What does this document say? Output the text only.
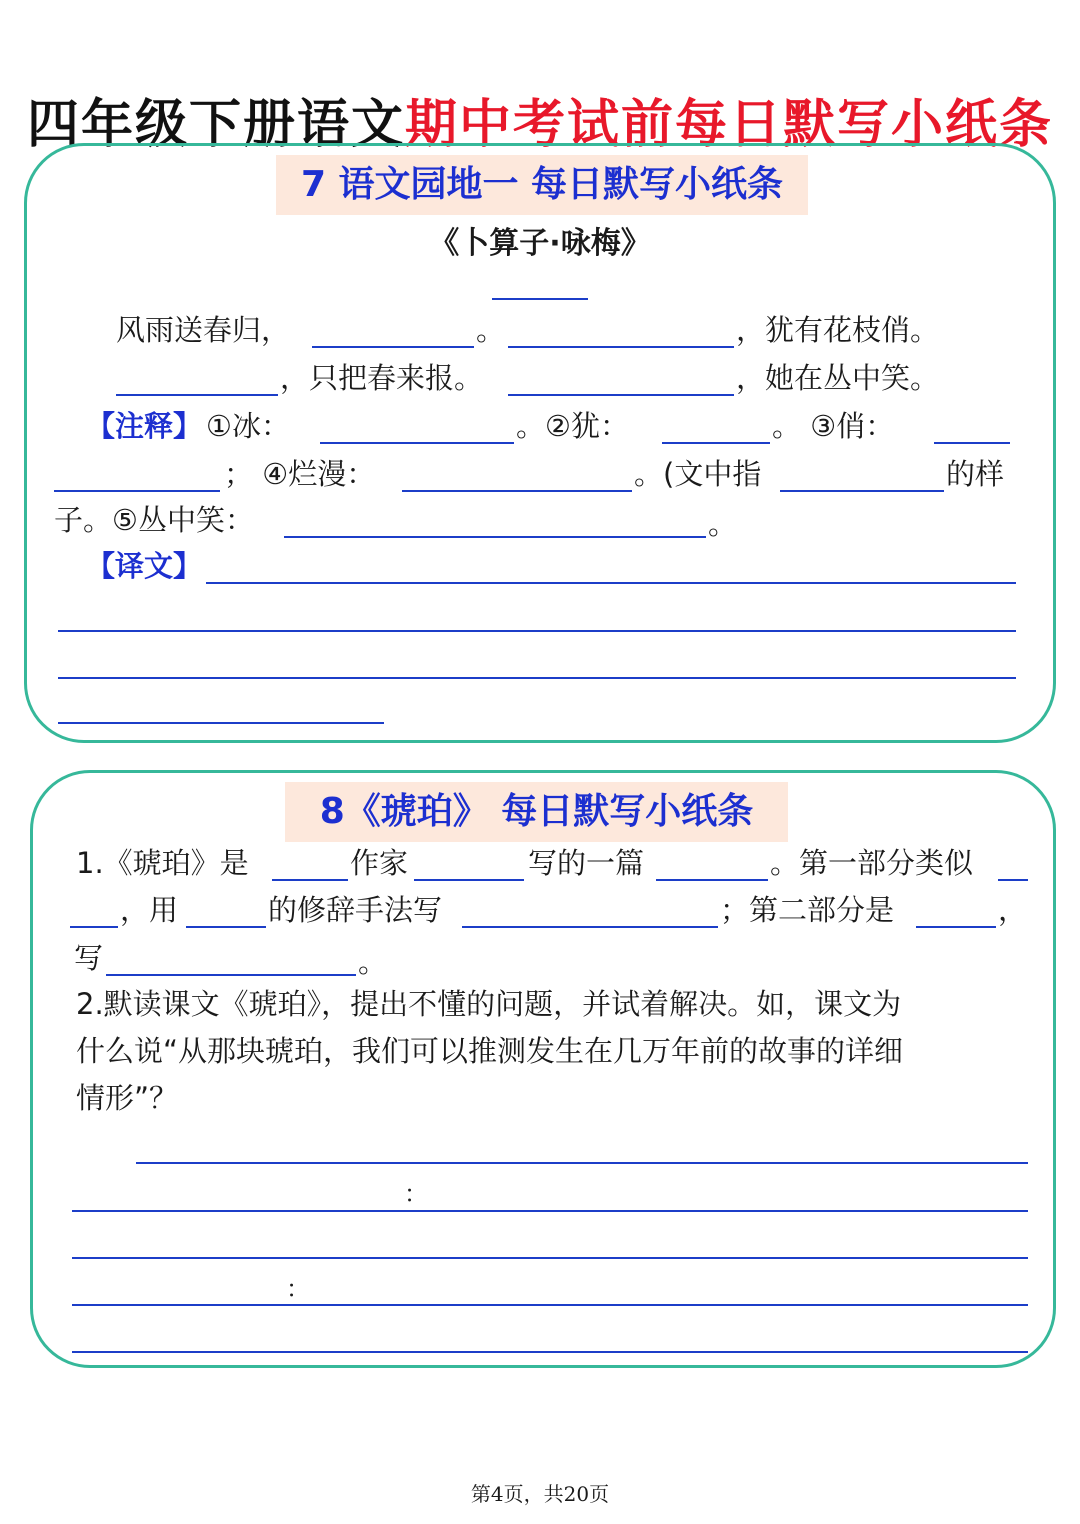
四年级下册语文期中考试前每日默写小纸条
7 语文园地一 每日默写小纸条
《卜算子·咏梅》
风雨送春归，	。	，犹有花枝俏。
，只把春来报。	，她在丛中笑。
【注释】 ①冰：	。②犹：	。 ③俏：
； ④烂漫：	。(文中指	的样
子。⑤丛中笑：	。
【译文】
8《琥珀》 每日默写小纸条
1.《琥珀》是	作家	写的一篇	。第一部分类似
，用	的修辞手法写	；第二部分是	，
写	。
2.默读课文《琥珀》，提出不懂的问题，并试着解决。如，课文为
什么说“从那块琥珀，我们可以推测发生在几万年前的故事的详细
情形”？
：
：
第4页，共20页
